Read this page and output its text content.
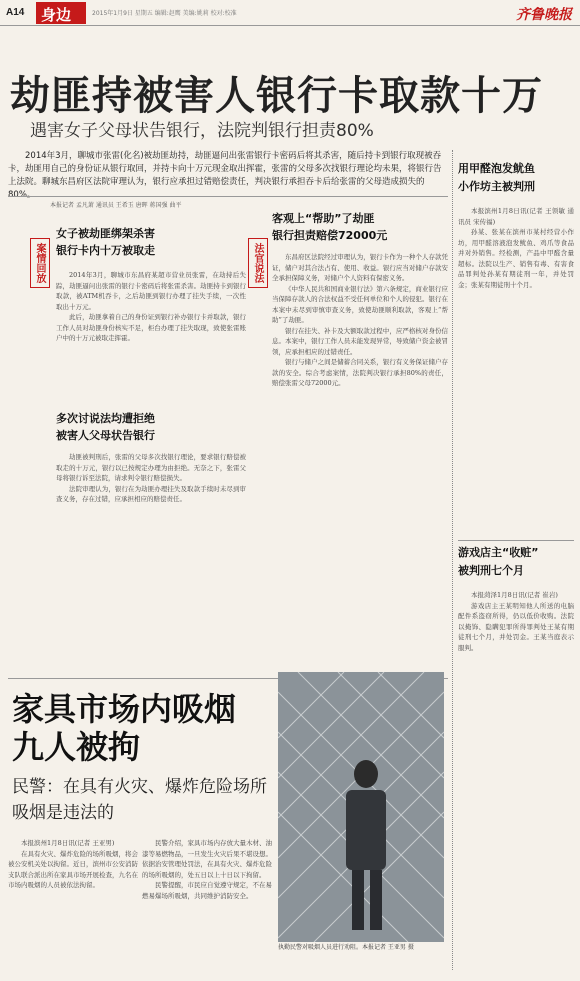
A14	身边	2015年1月9日 星期五 编辑:赵鹰 美编:姚莉 校对:校准	齐鲁晚报
劫匪持被害人银行卡取款十万
遇害女子父母状告银行，法院判银行担责80%

2014年3月，聊城市张雷(化名)被劫匪劫持，劫匪逼问出张雷银行卡密码后将其杀害，随后持卡到银行取现被吞卡，劫匪用自己的身份证从银行取回，并持卡向十万元现金取出挥霍，张雷的父母多次找银行理论均未果，将银行告上法院。聊城东昌府区法院审理认为，银行应承担过错赔偿责任，判决银行承担吞卡后给张雷的父母造成损失的80%。

本报记者 孟凡萧 通讯员 王希玉 唐晖 蒋国强 曲平
案情回放
女子被劫匪绑架杀害
银行卡内十万被取走

2014年3月，聊城市东昌府某超市营业员张雷，在劫持后失踪，劫匪逼问出张雷的银行卡密码后将张雷杀害。劫匪持卡到银行取款，被ATM机吞卡，之后劫匪到银行办理了挂失手续，一次性取出十万元。

此后，劫匪拿着自己的身份证到银行补办银行卡并取款，银行工作人员对劫匪身份核实不足，柜台办理了挂失取现，致使张雷账户中的十万元被取走挥霍。

多次讨说法均遭拒绝
被害人父母状告银行

劫匪被判刑后，张雷的父母多次找银行理论，要求银行赔偿被取走的十万元，银行以已按规定办理为由拒绝。无奈之下，张雷父母将银行诉至法院，请求判令银行赔偿损失。

法院审理认为，银行在为劫匪办理挂失及取款手续时未尽到审查义务，存在过错，应承担相应的赔偿责任。

法官说法
客观上“帮助”了劫匪
银行担责赔偿72000元

东昌府区法院经过审理认为，银行卡作为一种个人存款凭证，储户对其合法占有、使用、收益。银行应当对储户存款安全承担保障义务，对储户个人资料有保密义务。

《中华人民共和国商业银行法》第六条规定，商业银行应当保障存款人的合法权益不受任何单位和个人的侵犯。银行在本案中未尽到审慎审查义务，致使劫匪顺利取款，客观上“帮助”了劫匪。

银行在挂失、补卡及大额取款过程中，应严格核对身份信息。本案中，银行工作人员未能发现异常，导致储户资金被冒领，应承担相应的过错责任。

银行与储户之间是储蓄合同关系，银行有义务保证储户存款的安全。综合考虑案情，法院判决银行承担80%的责任，赔偿张雷父母72000元。

用甲醛泡发鱿鱼
小作坊主被判刑

本报滨州1月8日讯(记者 王领敏 通讯员 宋传福)

孙某、张某在滨州市某村经营小作坊，用甲醛溶液泡发鱿鱼、鸡爪等食品并对外销售。经检测，产品中甲醛含量超标。法院以生产、销售有毒、有害食品罪判处孙某有期徒刑一年，并处罚金；张某有期徒刑十个月。

游戏店主“收赃”
被判刑七个月

本报菏泽1月8日讯(记者 崔岩)

游戏店主王某明知他人所送的电脑配件系盗窃所得，仍以低价收购。法院以掩饰、隐瞒犯罪所得罪判处王某有期徒刑七个月，并处罚金。王某当庭表示服判。

家具市场内吸烟
九人被拘
民警：在具有火灾、爆炸危险场所
吸烟是违法的

本报滨州1月8日讯(记者 王亚男)

在具有火灾、爆炸危险的场所吸烟，将会被公安机关处以拘留。近日，滨州市公安消防支队联合派出所在家具市场开展检查，九名在市场内吸烟的人员被依法拘留。

民警介绍，家具市场内存放大量木材、油漆等易燃物品，一旦发生火灾后果不堪设想。依据治安管理处罚法，在具有火灾、爆炸危险的场所吸烟的，处五日以上十日以下拘留。

民警提醒，市民应自觉遵守规定，不在易燃易爆场所吸烟，共同维护消防安全。

执勤民警对吸烟人员进行劝阻。本报记者 王亚男 摄
